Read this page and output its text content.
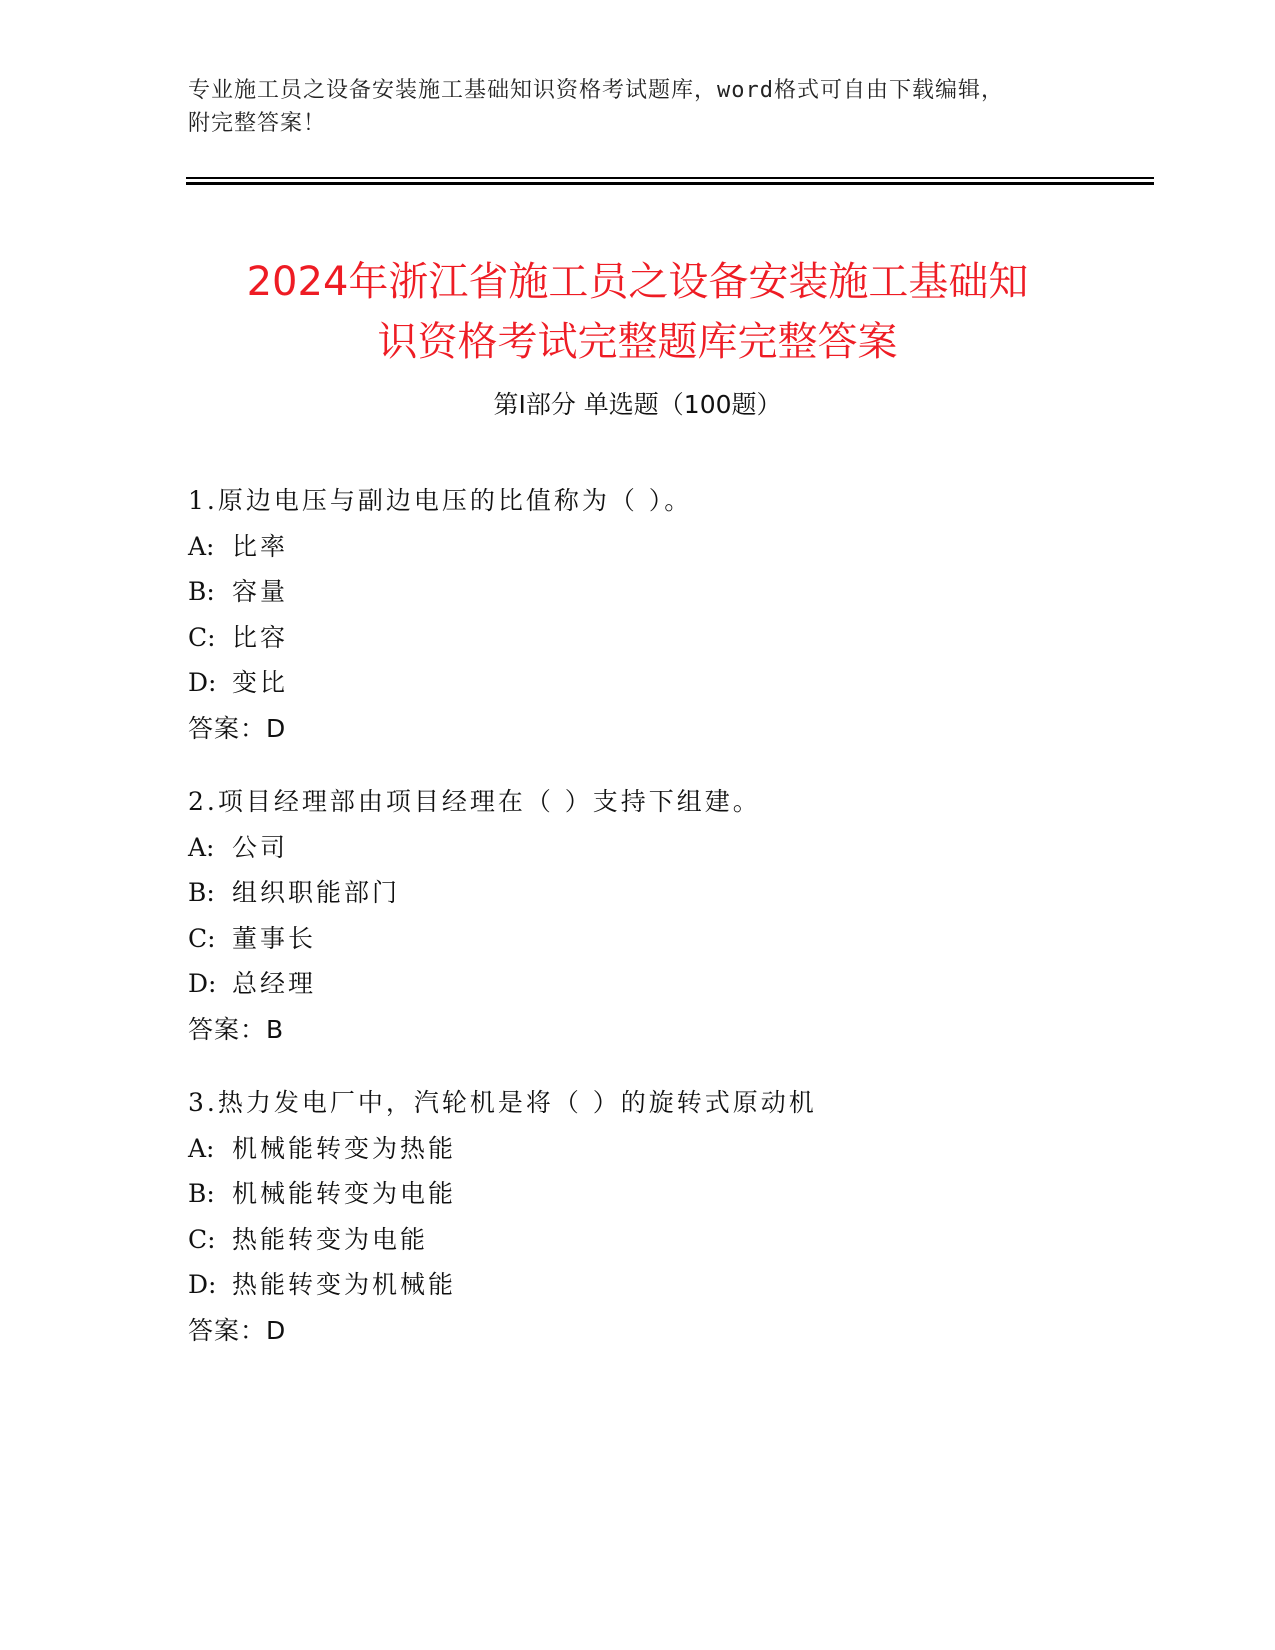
专业施工员之设备安装施工基础知识资格考试题库，word格式可自由下载编辑，
附完整答案！
2024年浙江省施工员之设备安装施工基础知
识资格考试完整题库完整答案
第Ⅰ部分 单选题（100题）
1.原边电压与副边电压的比值称为（ ）。
A: 比率
B: 容量
C: 比容
D: 变比
答案：D
2.项目经理部由项目经理在（ ）支持下组建。
A: 公司
B: 组织职能部门
C: 董事长
D: 总经理
答案：B
3.热力发电厂中，汽轮机是将（ ）的旋转式原动机
A: 机械能转变为热能
B: 机械能转变为电能
C: 热能转变为电能
D: 热能转变为机械能
答案：D
